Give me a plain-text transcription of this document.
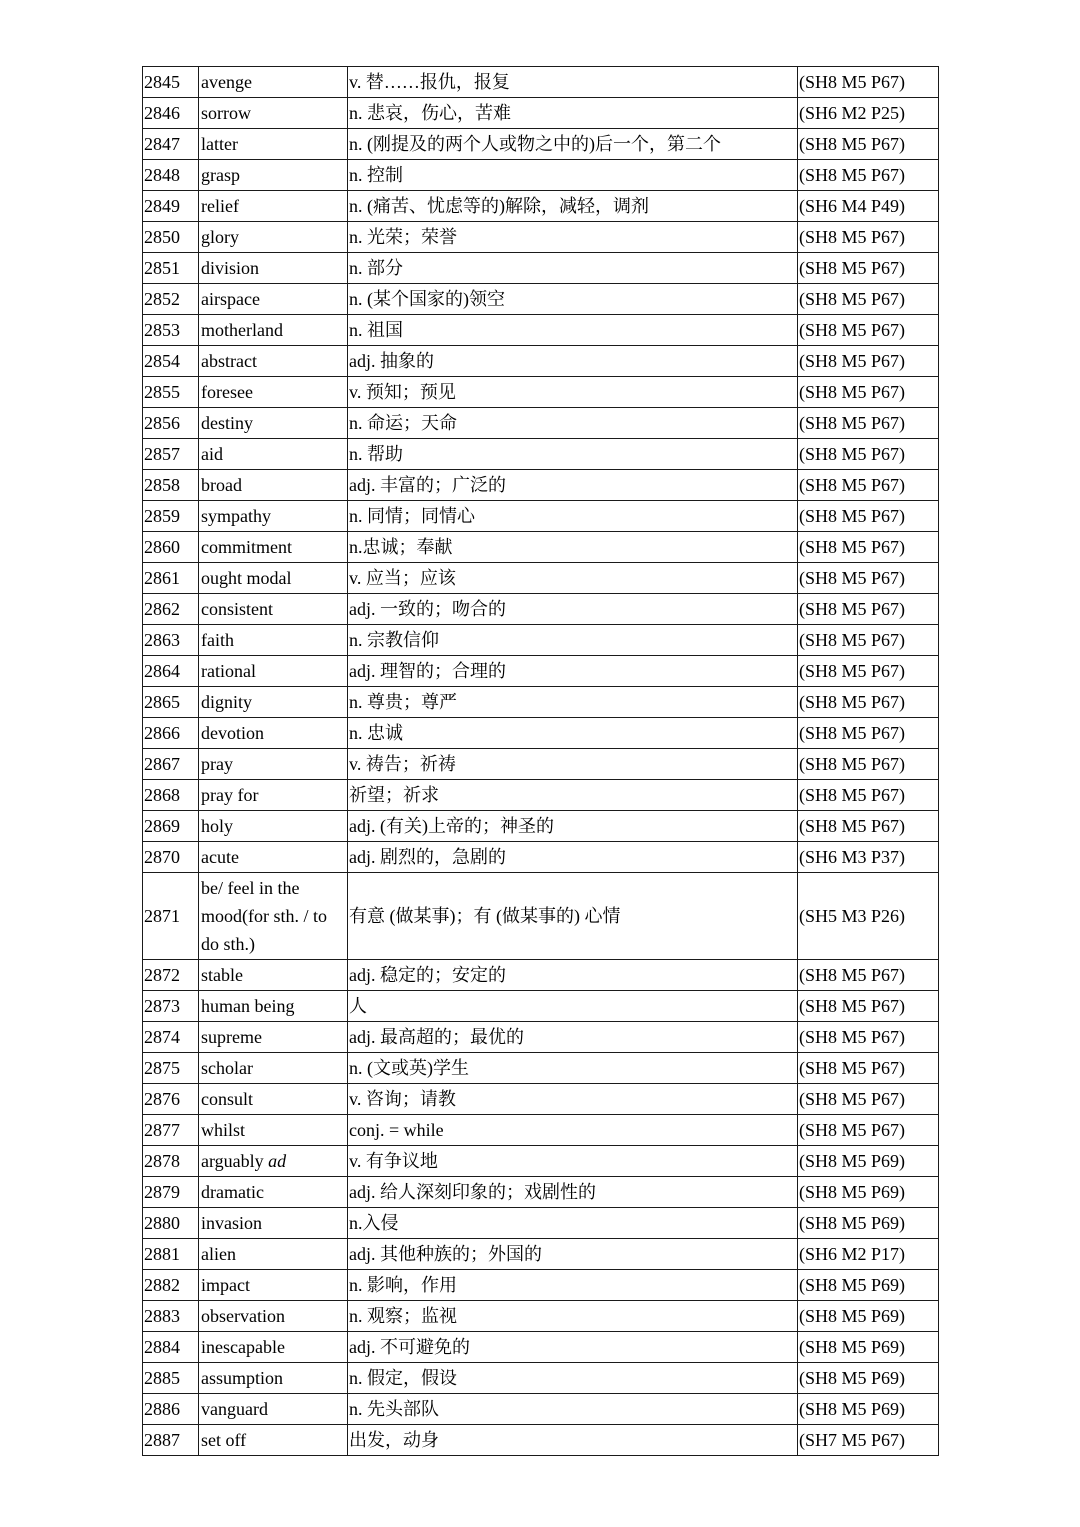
2845	avenge	v. 替……报仇，报复	(SH8 M5 P67)
2846	sorrow	n. 悲哀，伤心，苦难	(SH6 M2 P25)
2847	latter	n. (刚提及的两个人或物之中的)后一个，第二个	(SH8 M5 P67)
2848	grasp	n. 控制	(SH8 M5 P67)
2849	relief	n. (痛苦、忧虑等的)解除，减轻，调剂	(SH6 M4 P49)
2850	glory	n. 光荣；荣誉	(SH8 M5 P67)
2851	division	n. 部分	(SH8 M5 P67)
2852	airspace	n. (某个国家的)领空	(SH8 M5 P67)
2853	motherland	n. 祖国	(SH8 M5 P67)
2854	abstract	adj. 抽象的	(SH8 M5 P67)
2855	foresee	v. 预知；预见	(SH8 M5 P67)
2856	destiny	n. 命运；天命	(SH8 M5 P67)
2857	aid	n. 帮助	(SH8 M5 P67)
2858	broad	adj. 丰富的；广泛的	(SH8 M5 P67)
2859	sympathy	n. 同情；同情心	(SH8 M5 P67)
2860	commitment	n.忠诚；奉献	(SH8 M5 P67)
2861	ought modal	v. 应当；应该	(SH8 M5 P67)
2862	consistent	adj. 一致的；吻合的	(SH8 M5 P67)
2863	faith	n. 宗教信仰	(SH8 M5 P67)
2864	rational	adj. 理智的；合理的	(SH8 M5 P67)
2865	dignity	n. 尊贵；尊严	(SH8 M5 P67)
2866	devotion	n. 忠诚	(SH8 M5 P67)
2867	pray	v. 祷告；祈祷	(SH8 M5 P67)
2868	pray for	祈望；祈求	(SH8 M5 P67)
2869	holy	adj. (有关)上帝的；神圣的	(SH8 M5 P67)
2870	acute	adj. 剧烈的，急剧的	(SH6 M3 P37)
2871	be/ feel in the mood(for sth. / to do sth.)	有意 (做某事)；有 (做某事的) 心情	(SH5 M3 P26)
2872	stable	adj. 稳定的；安定的	(SH8 M5 P67)
2873	human being	人	(SH8 M5 P67)
2874	supreme	adj. 最高超的；最优的	(SH8 M5 P67)
2875	scholar	n. (文或英)学生	(SH8 M5 P67)
2876	consult	v. 咨询；请教	(SH8 M5 P67)
2877	whilst	conj. = while	(SH8 M5 P67)
2878	arguably ad	v. 有争议地	(SH8 M5 P69)
2879	dramatic	adj. 给人深刻印象的；戏剧性的	(SH8 M5 P69)
2880	invasion	n.入侵	(SH8 M5 P69)
2881	alien	adj. 其他种族的；外国的	(SH6 M2 P17)
2882	impact	n. 影响，作用	(SH8 M5 P69)
2883	observation	n. 观察；监视	(SH8 M5 P69)
2884	inescapable	adj. 不可避免的	(SH8 M5 P69)
2885	assumption	n. 假定，假设	(SH8 M5 P69)
2886	vanguard	n. 先头部队	(SH8 M5 P69)
2887	set off	出发，动身	(SH7 M5 P67)
